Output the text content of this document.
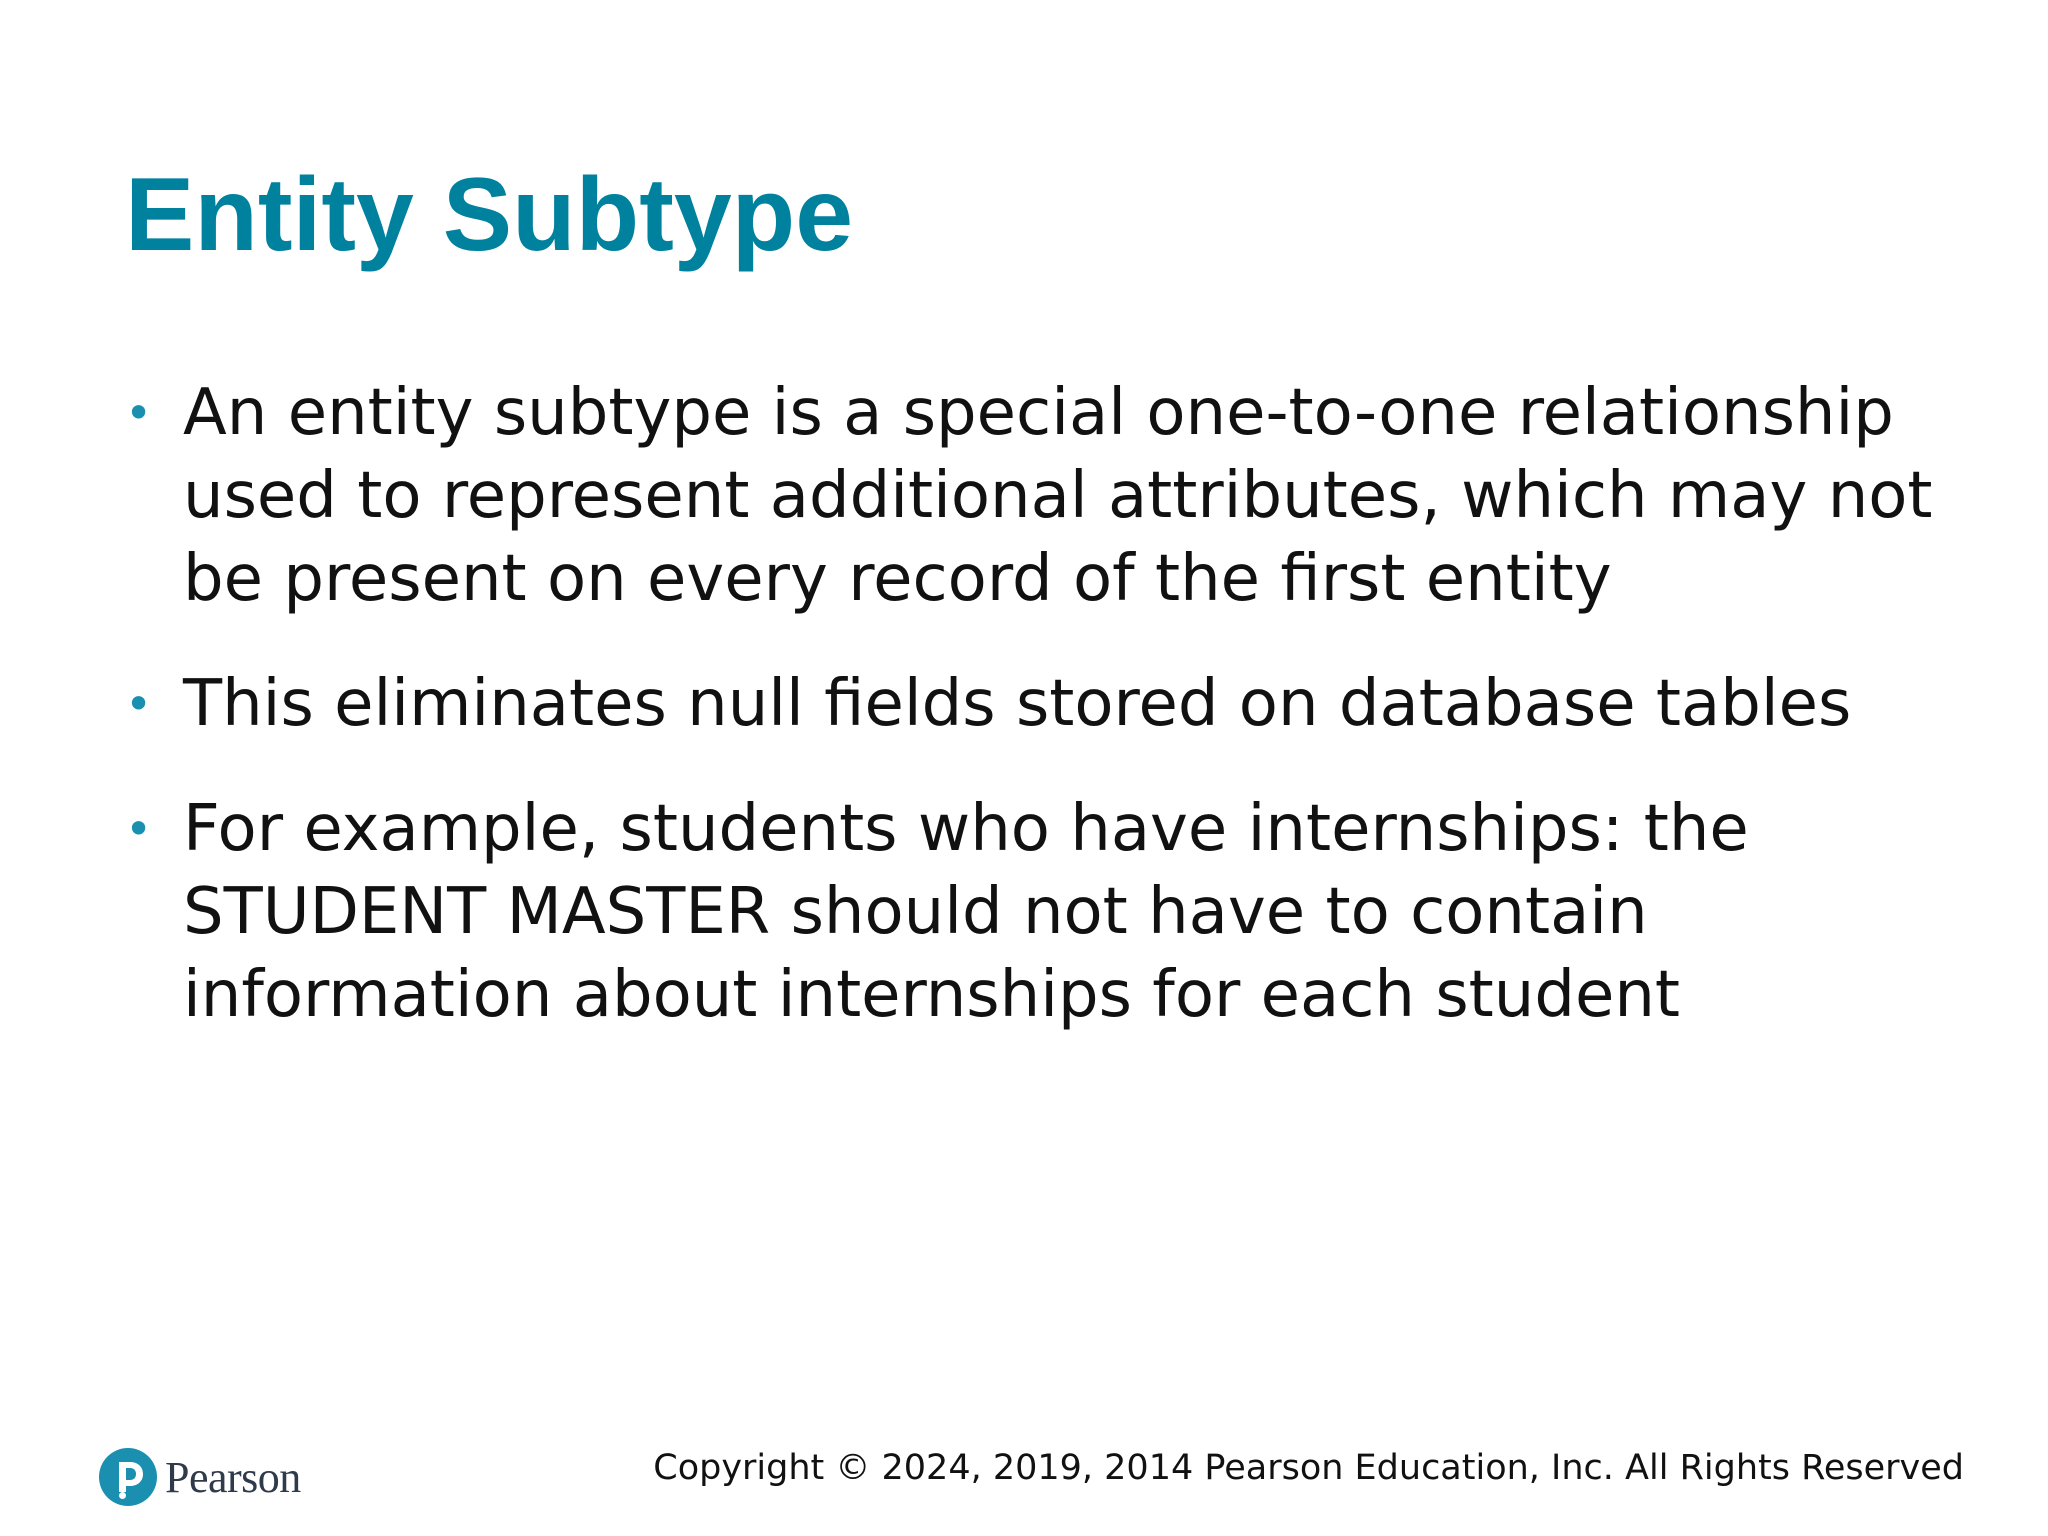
Entity Subtype
• An entity subtype is a special one-to-one relationship used to represent additional attributes, which may not be present on every record of the first entity
• This eliminates null fields stored on database tables
• For example, students who have internships: the STUDENT MASTER should not have to contain information about internships for each student
Pearson	Copyright © 2024, 2019, 2014 Pearson Education, Inc. All Rights Reserved
